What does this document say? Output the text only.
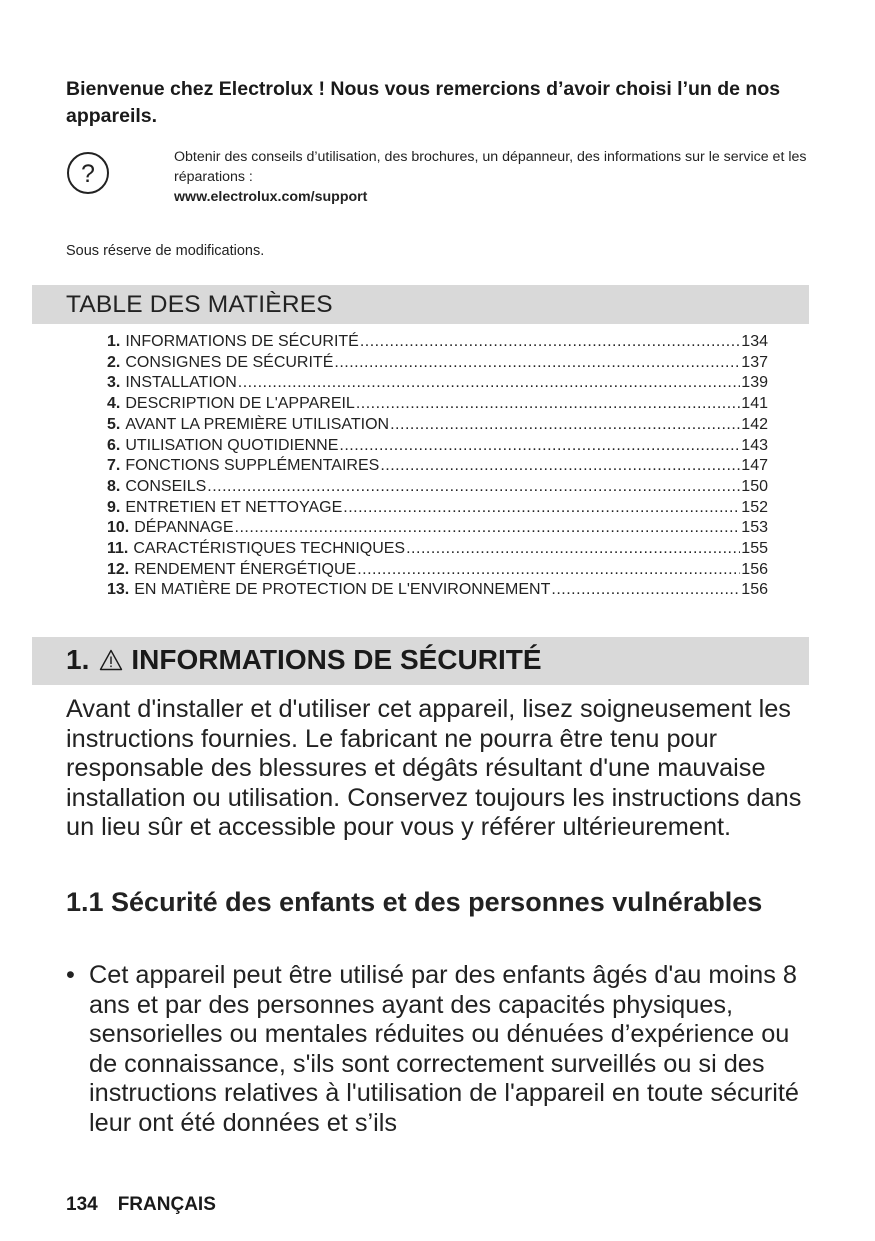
Bienvenue chez Electrolux ! Nous vous remercions d’avoir choisi l’un de nos appareils.
?
Obtenir des conseils d’utilisation, des brochures, un dépanneur, des informations sur le service et les réparations :
www.electrolux.com/support
Sous réserve de modifications.
TABLE DES MATIÈRES
1. INFORMATIONS DE SÉCURITÉ .....	134
2. CONSIGNES DE SÉCURITÉ .....	137
3. INSTALLATION .....	139
4. DESCRIPTION DE L'APPAREIL .....	141
5. AVANT LA PREMIÈRE UTILISATION .....	142
6. UTILISATION QUOTIDIENNE .....	143
7. FONCTIONS SUPPLÉMENTAIRES .....	147
8. CONSEILS .....	150
9. ENTRETIEN ET NETTOYAGE .....	152
10. DÉPANNAGE .....	153
11. CARACTÉRISTIQUES TECHNIQUES .....	155
12. RENDEMENT ÉNERGÉTIQUE .....	156
13. EN MATIÈRE DE PROTECTION DE L'ENVIRONNEMENT .....	156
1. INFORMATIONS DE SÉCURITÉ
Avant d'installer et d'utiliser cet appareil, lisez soigneusement les instructions fournies. Le fabricant ne pourra être tenu pour responsable des blessures et dégâts résultant d'une mauvaise installation ou utilisation. Conservez toujours les instructions dans un lieu sûr et accessible pour vous y référer ultérieurement.
1.1 Sécurité des enfants et des personnes vulnérables
• Cet appareil peut être utilisé par des enfants âgés d'au moins 8 ans et par des personnes ayant des capacités physiques, sensorielles ou mentales réduites ou dénuées d’expérience ou de connaissance, s'ils sont correctement surveillés ou si des instructions relatives à l'utilisation de l'appareil en toute sécurité leur ont été données et s’ils
134 FRANÇAIS
